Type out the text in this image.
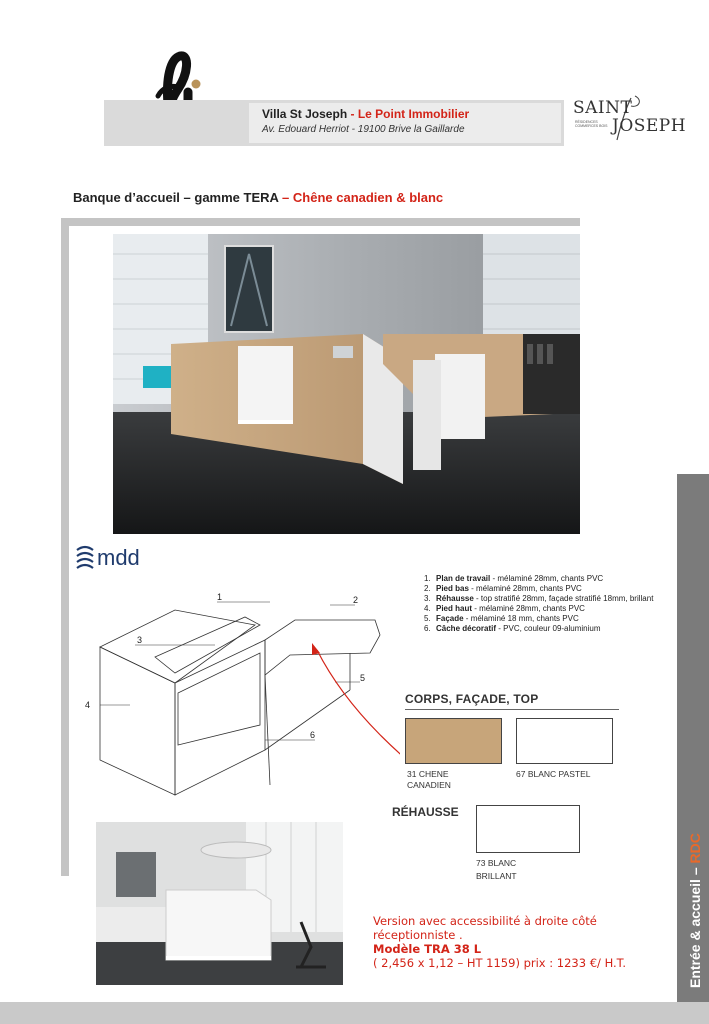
Villa St Joseph - Le Point Immobilier
Av. Edouard Herriot - 19100 Brive la Gaillarde
SAINT
JOSEPH
RÉSIDENCES COMMERCES BOIS
Banque d’accueil – gamme TERA – Chêne canadien & blanc
mdd
1	2
3
4
5
6
1. Plan de travail - mélaminé 28mm, chants PVC
2. Pied bas - mélaminé 28mm, chants PVC
3. Réhausse - top stratifié 28mm, façade stratifié 18mm, brillant
4. Pied haut - mélaminé 28mm, chants PVC
5. Façade - mélaminé 18 mm, chants PVC
6. Câche décoratif - PVC, couleur 09-aluminium
CORPS, FAÇADE, TOP
31 CHENE
CANADIEN
67 BLANC PASTEL
RÉHAUSSE
73 BLANC
BRILLANT
Version avec accessibilité à droite côté
réceptionniste .
Modèle TRA 38 L
( 2,456 x 1,12 – HT 1159) prix : 1233 €/ H.T.	Entrée & accueil – RDC
